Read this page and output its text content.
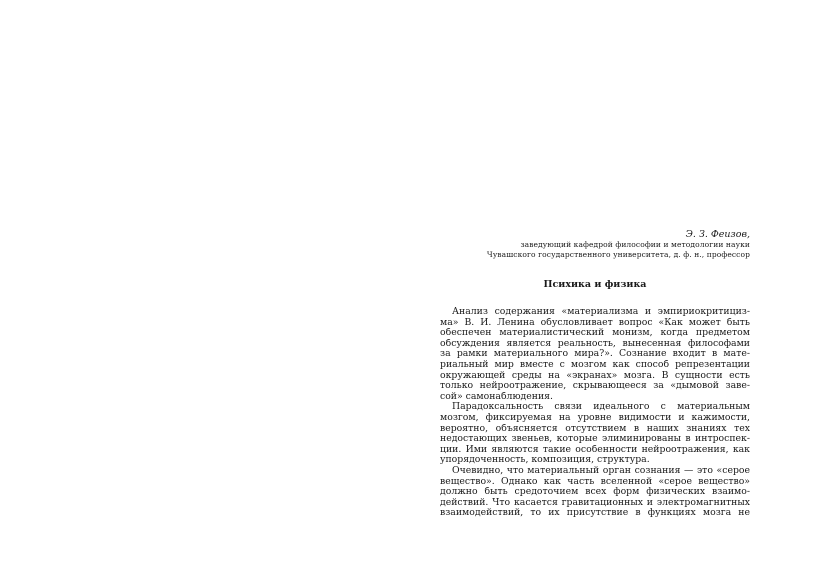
Э. З. Феизов,

заведующий кафедрой философии и методологии науки

Чувашского государственного университета, д. ф. н., профессор

Психика и физика

Анализ содержания «материализма и эмпириокритициз-
ма» В. И. Ленина обусловливает вопрос «Как может быть
обеспечен материалистический монизм, когда предметом
обсуждения является реальность, вынесенная философами
за рамки материального мира?». Сознание входит в мате-
риальный мир вместе с мозгом как способ репрезентации
окружающей среды на «экранах» мозга. В сущности есть
только нейроотражение, скрывающееся за «дымовой заве-
сой» самонаблюдения.

Парадоксальность связи идеального с материальным
мозгом, фиксируемая на уровне видимости и кажимости,
вероятно, объясняется отсутствием в наших знаниях тех
недостающих звеньев, которые элиминированы в интроспек-
ции. Ими являются такие особенности нейроотражения, как
упорядоченность, композиция, структура.

Очевидно, что материальный орган сознания — это «серое
вещество». Однако как часть вселенной «серое вещество»
должно быть средоточием всех форм физических взаимо-
действий. Что касается гравитационных и электромагнитных
взаимодействий, то их присутствие в функциях мозга не
